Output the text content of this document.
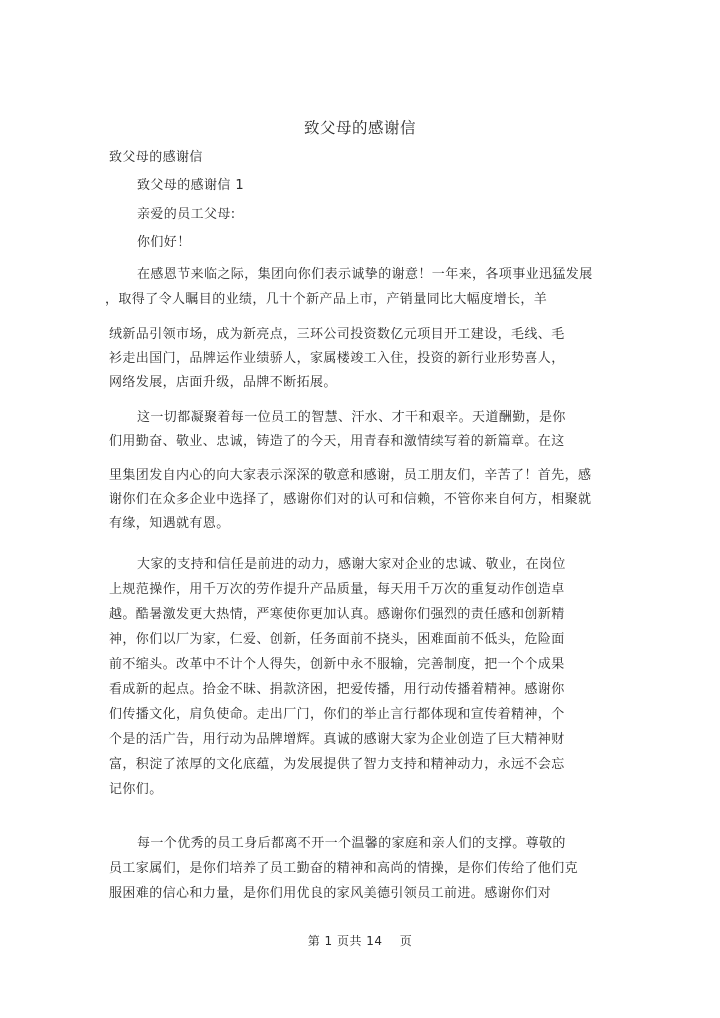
致父母的感谢信
致父母的感谢信
致父母的感谢信 1
亲爱的员工父母:
你们好！
在感恩节来临之际，集团向你们表示诚挚的谢意！一年来，各项事业迅猛发展
，取得了令人瞩目的业绩，几十个新产品上市，产销量同比大幅度增长，羊
绒新品引领市场，成为新亮点，三环公司投资数亿元项目开工建设，毛线、毛
衫走出国门，品牌运作业绩骄人，家属楼竣工入住，投资的新行业形势喜人，
网络发展，店面升级，品牌不断拓展。
这一切都凝聚着每一位员工的智慧、汗水、才干和艰辛。天道酬勤，是你
们用勤奋、敬业、忠诚，铸造了的今天，用青春和激情续写着的新篇章。在这
里集团发自内心的向大家表示深深的敬意和感谢，员工朋友们，辛苦了！首先，感
谢你们在众多企业中选择了，感谢你们对的认可和信赖，不管你来自何方，相聚就
有缘，知遇就有恩。
大家的支持和信任是前进的动力，感谢大家对企业的忠诚、敬业，在岗位
上规范操作，用千万次的劳作提升产品质量，每天用千万次的重复动作创造卓
越。酷暑激发更大热情，严寒使你更加认真。感谢你们强烈的责任感和创新精
神，你们以厂为家，仁爱、创新，任务面前不挠头，困难面前不低头，危险面
前不缩头。改革中不计个人得失，创新中永不服输，完善制度，把一个个成果
看成新的起点。拾金不昧、捐款济困，把爱传播，用行动传播着精神。感谢你
们传播文化，肩负使命。走出厂门，你们的举止言行都体现和宣传着精神，个
个是的活广告，用行动为品牌增辉。真诚的感谢大家为企业创造了巨大精神财
富，积淀了浓厚的文化底蕴，为发展提供了智力支持和精神动力，永远不会忘
记你们。
每一个优秀的员工身后都离不开一个温馨的家庭和亲人们的支撑。尊敬的
员工家属们，是你们培养了员工勤奋的精神和高尚的情操，是你们传给了他们克
服困难的信心和力量，是你们用优良的家风美德引领员工前进。感谢你们对
第 1 页共 14    页
